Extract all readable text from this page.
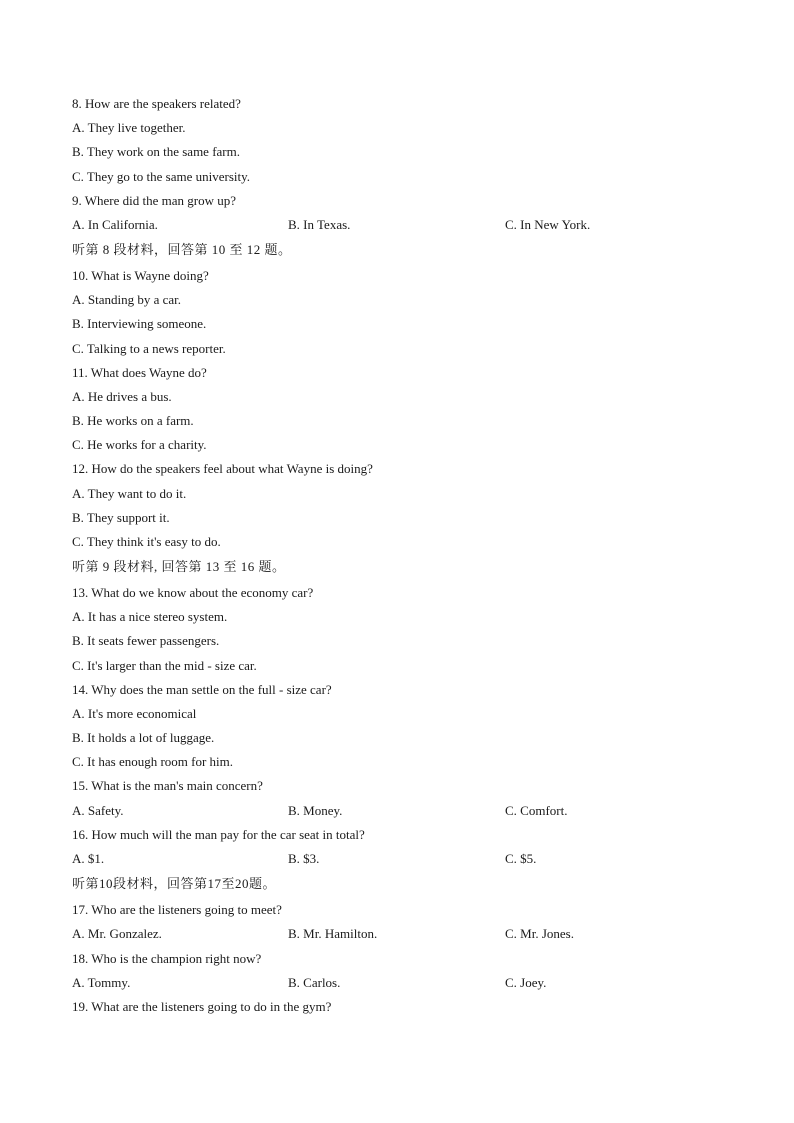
8. How are the speakers related?
A. They live together.
B. They work on the same farm.
C. They go to the same university.
9. Where did the man grow up?
A. In California.	B. In Texas.	C. In New York.
听第 8 段材料，回答第 10 至 12 题。
10. What is Wayne doing?
A. Standing by a car.
B. Interviewing someone.
C. Talking to a news reporter.
11. What does Wayne do?
A. He drives a bus.
B. He works on a farm.
C. He works for a charity.
12. How do the speakers feel about what Wayne is doing?
A. They want to do it.
B. They support it.
C. They think it's easy to do.
听第 9 段材料, 回答第 13 至 16 题。
13. What do we know about the economy car?
A. It has a nice stereo system.
B. It seats fewer passengers.
C. It's larger than the mid - size car.
14. Why does the man settle on the full - size car?
A. It's more economical
B. It holds a lot of luggage.
C. It has enough room for him.
15. What is the man's main concern?
A. Safety.	B. Money.	C. Comfort.
16. How much will the man pay for the car seat in total?
A. $1.	B. $3.	C. $5.
听第10段材料，回答第17至20题。
17. Who are the listeners going to meet?
A. Mr. Gonzalez.	B. Mr. Hamilton.	C. Mr. Jones.
18. Who is the champion right now?
A. Tommy.	B. Carlos.	C. Joey.
19. What are the listeners going to do in the gym?
